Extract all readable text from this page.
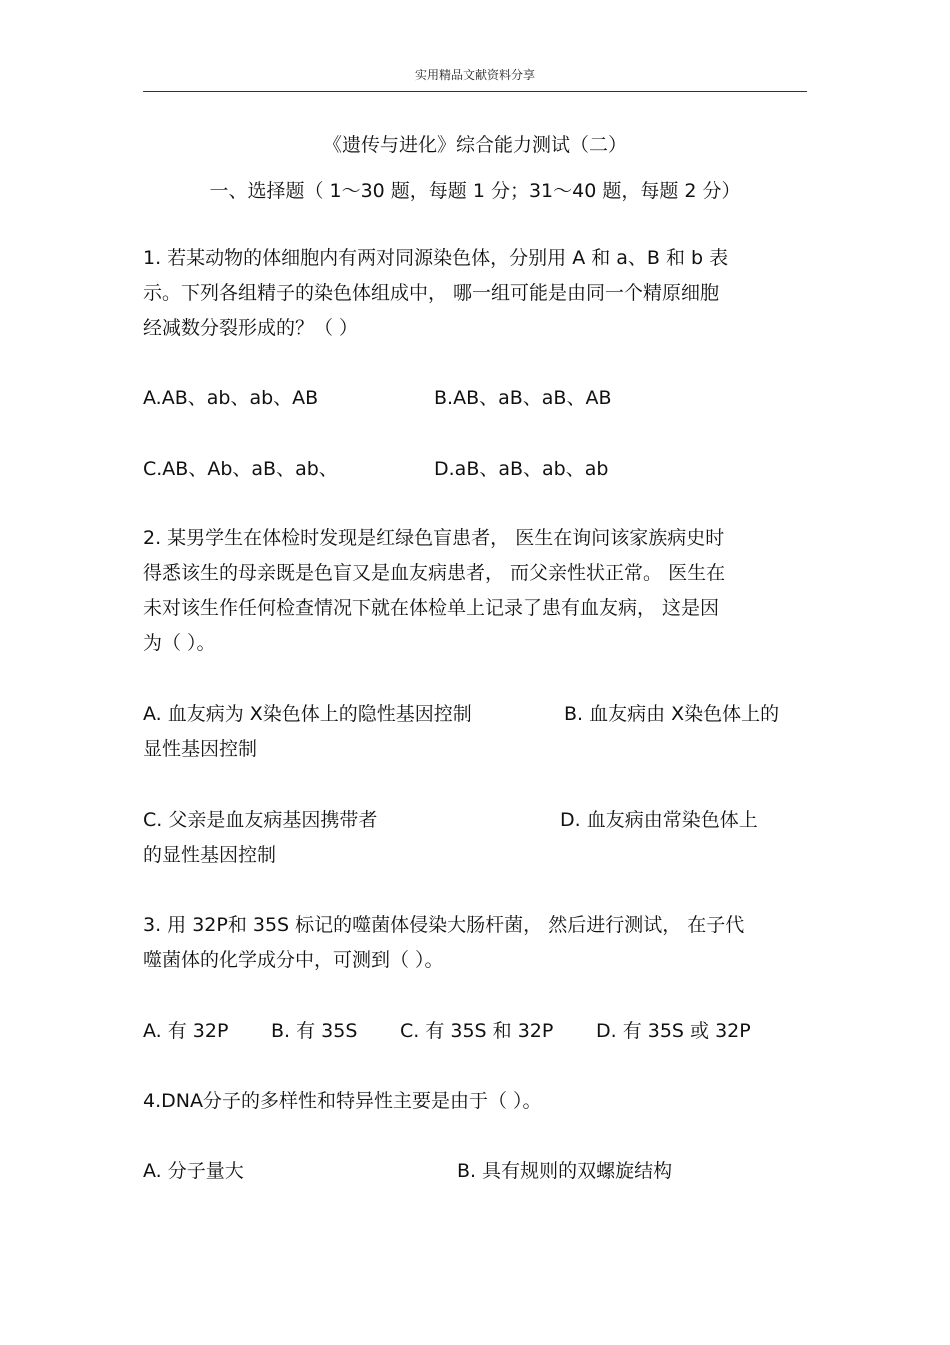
实用精品文献资料分享
《遗传与进化》综合能力测试（二）
一、选择题（ 1～30 题，每题 1 分；31～40 题，每题 2 分）
1. 若某动物的体细胞内有两对同源染色体，分别用 A 和 a、B 和 b 表
示。下列各组精子的染色体组成中， 哪一组可能是由同一个精原细胞
经减数分裂形成的？（ ）
A.AB、ab、ab、AB	B.AB、aB、aB、AB
C.AB、Ab、aB、ab、	D.aB、aB、ab、ab
2. 某男学生在体检时发现是红绿色盲患者， 医生在询问该家族病史时
得悉该生的母亲既是色盲又是血友病患者， 而父亲性状正常。 医生在
未对该生作任何检查情况下就在体检单上记录了患有血友病， 这是因
为（ ）。
A. 血友病为 X染色体上的隐性基因控制	B. 血友病由 X染色体上的
显性基因控制
C. 父亲是血友病基因携带者	D. 血友病由常染色体上
的显性基因控制
3. 用 32P和 35S 标记的噬菌体侵染大肠杆菌， 然后进行测试， 在子代
噬菌体的化学成分中，可测到（ ）。
A. 有 32P B. 有 35S C. 有 35S 和 32P D. 有 35S 或 32P
4.DNA分子的多样性和特异性主要是由于（ ）。
A. 分子量大	B. 具有规则的双螺旋结构
